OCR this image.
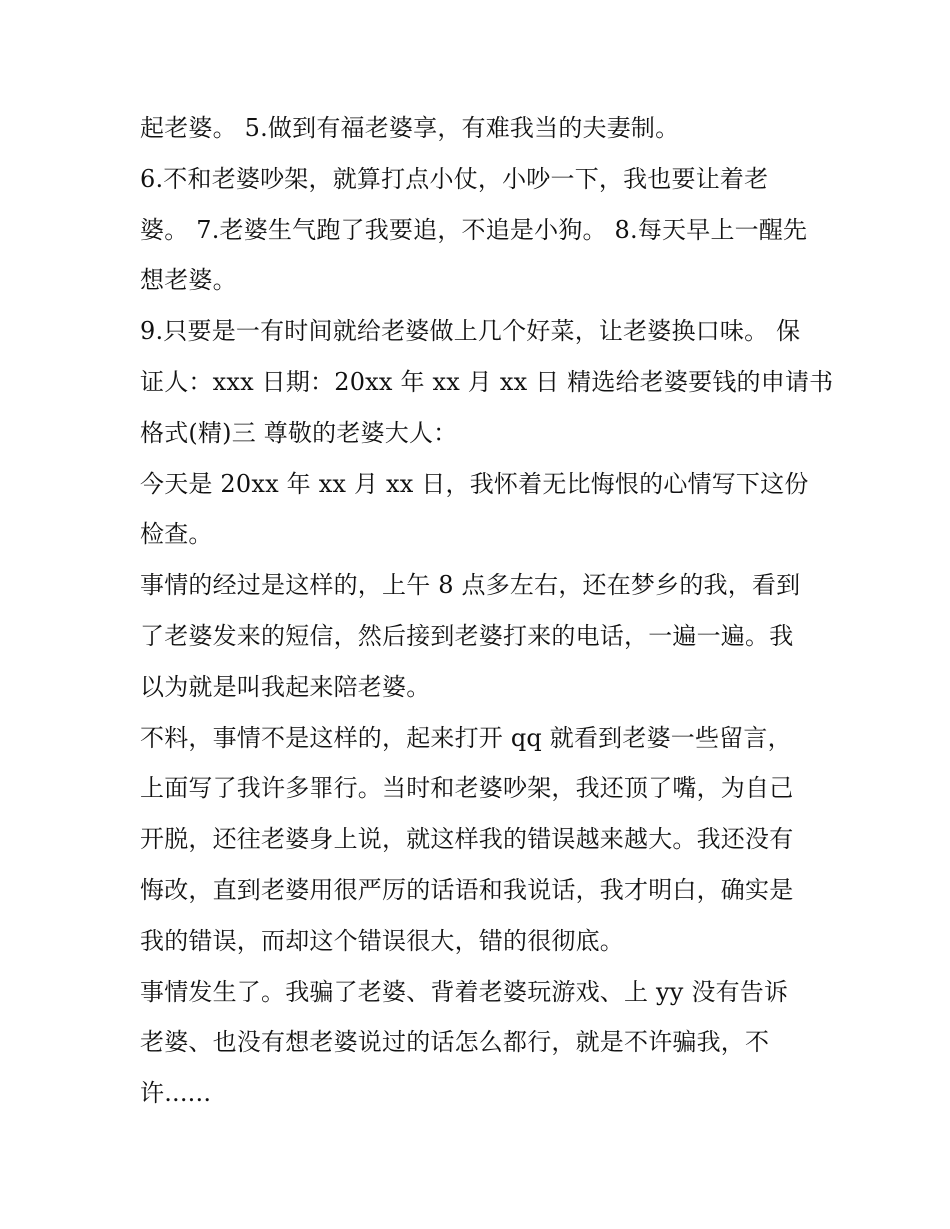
起老婆。 5.做到有福老婆享，有难我当的夫妻制。
6.不和老婆吵架，就算打点小仗，小吵一下，我也要让着老
婆。 7.老婆生气跑了我要追，不追是小狗。 8.每天早上一醒先
想老婆。
9.只要是一有时间就给老婆做上几个好菜，让老婆换口味。 保
证人：xxx 日期：20xx 年 xx 月 xx 日 精选给老婆要钱的申请书
格式(精)三 尊敬的老婆大人：
今天是 20xx 年 xx 月 xx 日，我怀着无比悔恨的心情写下这份
检查。
事情的经过是这样的，上午 8 点多左右，还在梦乡的我，看到
了老婆发来的短信，然后接到老婆打来的电话，一遍一遍。我
以为就是叫我起来陪老婆。
不料，事情不是这样的，起来打开 qq 就看到老婆一些留言，
上面写了我许多罪行。当时和老婆吵架，我还顶了嘴，为自己
开脱，还往老婆身上说，就这样我的错误越来越大。我还没有
悔改，直到老婆用很严厉的话语和我说话，我才明白，确实是
我的错误，而却这个错误很大，错的很彻底。
事情发生了。我骗了老婆、背着老婆玩游戏、上 yy 没有告诉
老婆、也没有想老婆说过的话怎么都行，就是不许骗我，不
许......
